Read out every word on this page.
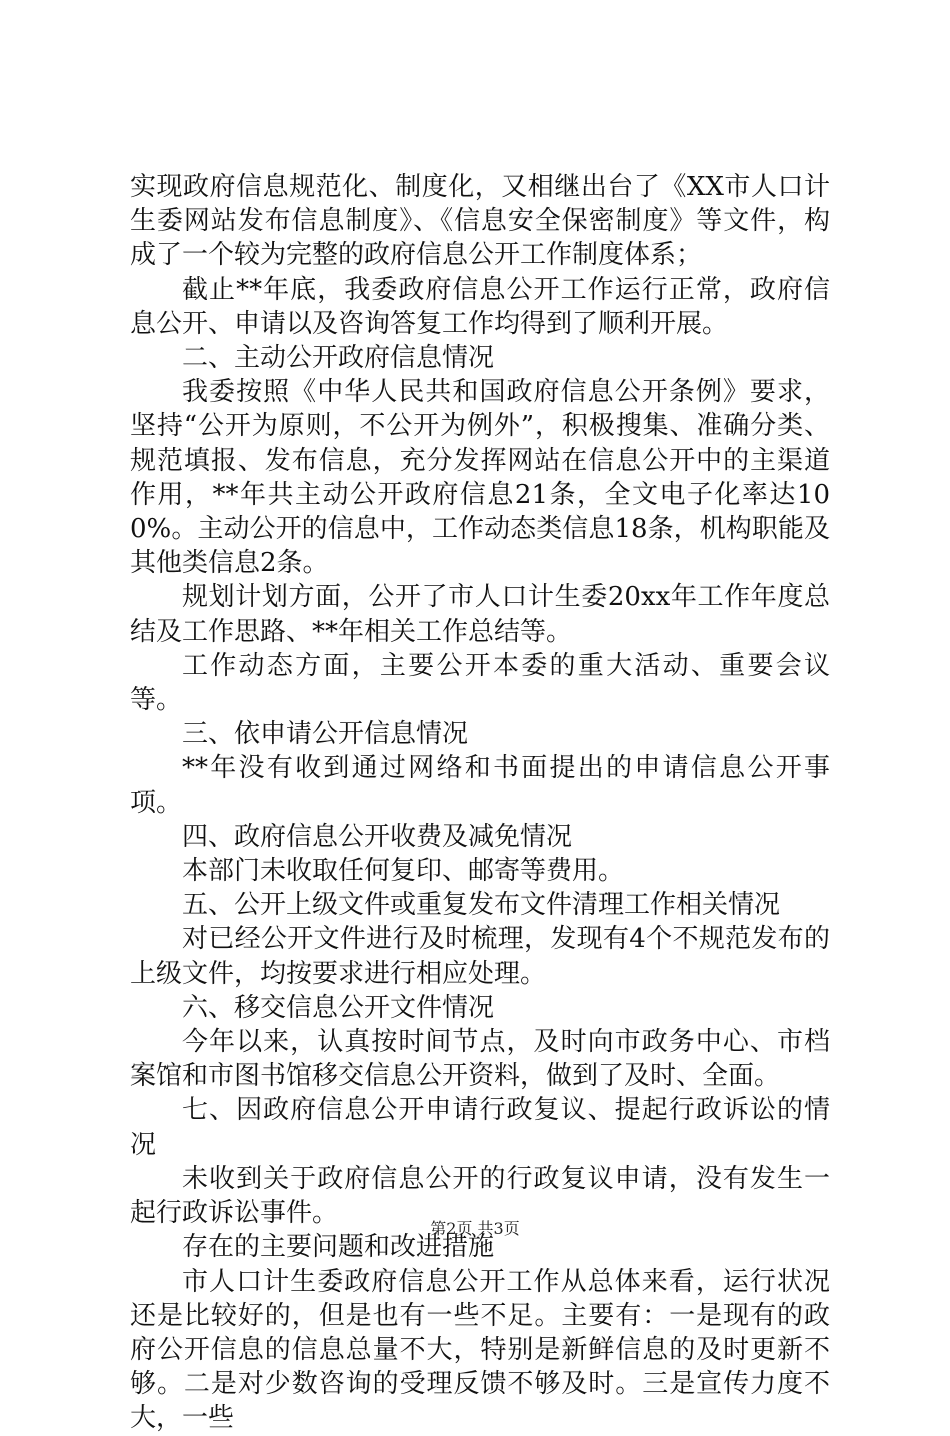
实现政府信息规范化、制度化，又相继出台了《XX市人口计生委网站发布信息制度》、《信息安全保密制度》等文件，构成了一个较为完整的政府信息公开工作制度体系；

截止**年底，我委政府信息公开工作运行正常，政府信息公开、申请以及咨询答复工作均得到了顺利开展。

二、主动公开政府信息情况

我委按照《中华人民共和国政府信息公开条例》要求，坚持“公开为原则，不公开为例外”，积极搜集、准确分类、规范填报、发布信息，充分发挥网站在信息公开中的主渠道作用，**年共主动公开政府信息21条，全文电子化率达100%。主动公开的信息中，工作动态类信息18条，机构职能及其他类信息2条。

规划计划方面，公开了市人口计生委20xx年工作年度总结及工作思路、**年相关工作总结等。

工作动态方面，主要公开本委的重大活动、重要会议等。

三、依申请公开信息情况

**年没有收到通过网络和书面提出的申请信息公开事项。

四、政府信息公开收费及减免情况

本部门未收取任何复印、邮寄等费用。

五、公开上级文件或重复发布文件清理工作相关情况

对已经公开文件进行及时梳理，发现有4个不规范发布的上级文件，均按要求进行相应处理。

六、移交信息公开文件情况

今年以来，认真按时间节点，及时向市政务中心、市档案馆和市图书馆移交信息公开资料，做到了及时、全面。

七、因政府信息公开申请行政复议、提起行政诉讼的情况

未收到关于政府信息公开的行政复议申请，没有发生一起行政诉讼事件。

存在的主要问题和改进措施

市人口计生委政府信息公开工作从总体来看，运行状况还是比较好的，但是也有一些不足。主要有：一是现有的政府公开信息的信息总量不大，特别是新鲜信息的及时更新不够。二是对少数咨询的受理反馈不够及时。三是宣传力度不大，一些

第2页 共3页
